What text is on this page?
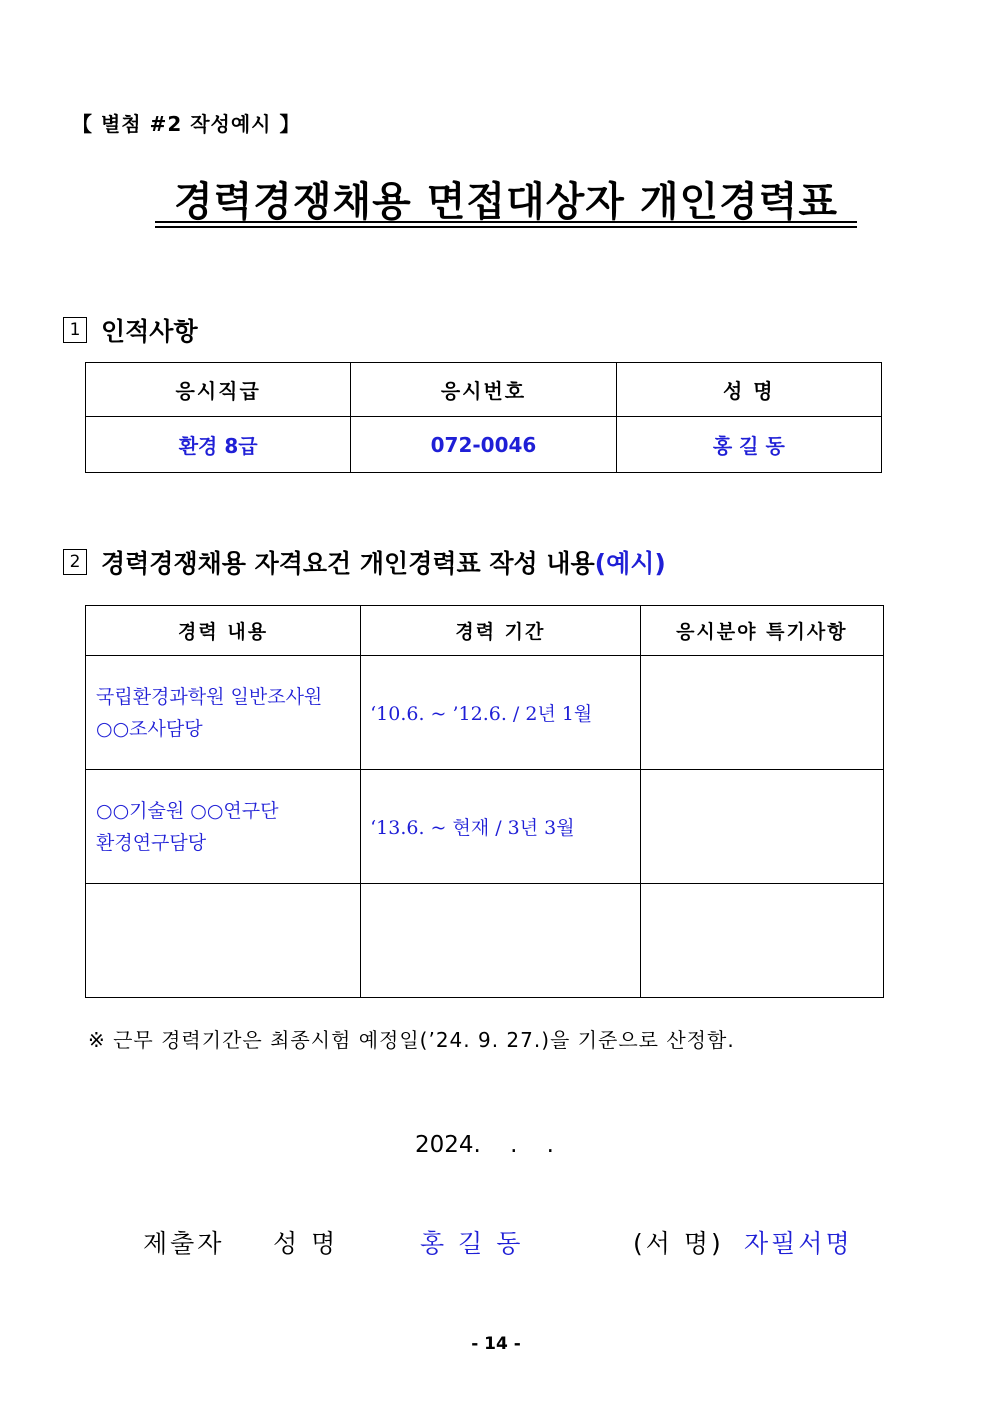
【 별첨 #2 작성예시 】
경력경쟁채용 면접대상자 개인경력표
1 인적사항
응시직급	응시번호	성 명
환경 8급	072-0046	홍 길 동
2 경력경쟁채용 자격요건 개인경력표 작성 내용 (예시)
경력 내용	경력 기간	응시분야 특기사항

국립환경과학원 일반조사원
○○조사담당	‘10.6. ~ ’12.6. / 2년 1월	

○○기술원 ○○연구단
환경연구담당	‘13.6. ~ 현재 / 3년 3월	

※ 근무 경력기간은 최종시험 예정일(’24. 9. 27.)을 기준으로 산정함.
2024.    .    .
제출자 성 명	홍 길 동	(서 명) 자필서명
- 14 -
